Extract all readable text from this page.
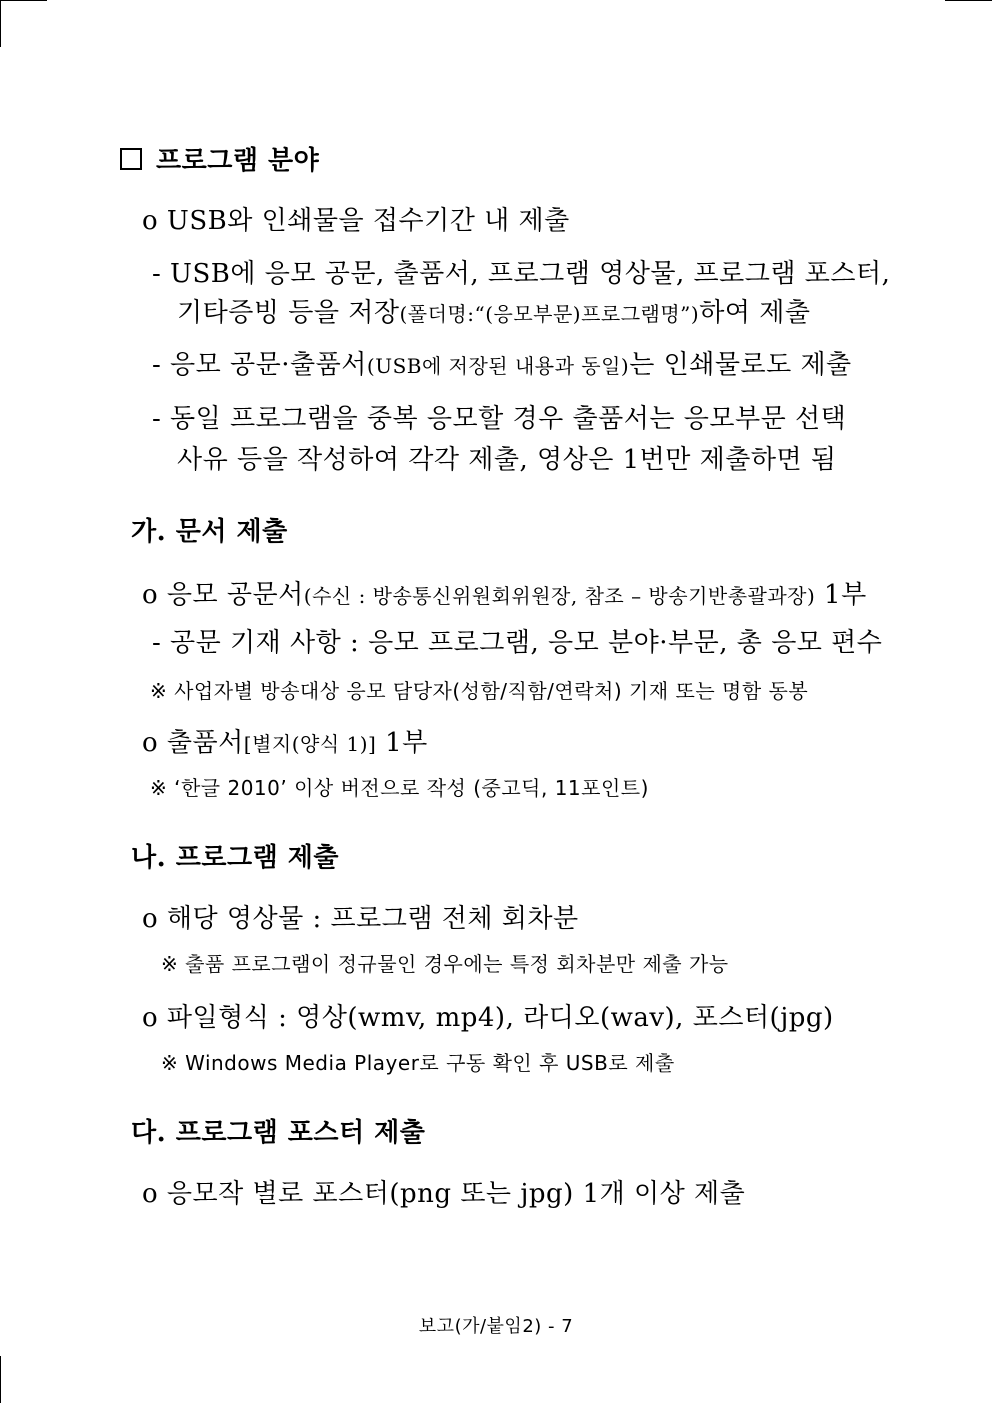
프로그램 분야
o USB와 인쇄물을 접수기간 내 제출
- USB에 응모 공문, 출품서, 프로그램 영상물, 프로그램 포스터,
기타증빙 등을 저장(폴더명:“(응모부문)프로그램명”)하여 제출
- 응모 공문·출품서(USB에 저장된 내용과 동일)는 인쇄물로도 제출
- 동일 프로그램을 중복 응모할 경우 출품서는 응모부문 선택
사유 등을 작성하여 각각 제출, 영상은 1번만 제출하면 됨
가. 문서 제출
o 응모 공문서(수신 : 방송통신위원회위원장, 참조 – 방송기반총괄과장) 1부
- 공문 기재 사항 : 응모 프로그램, 응모 분야·부문, 총 응모 편수
※ 사업자별 방송대상 응모 담당자(성함/직함/연락처) 기재 또는 명함 동봉
o 출품서[별지(양식 1)] 1부
※ ‘한글 2010’ 이상 버전으로 작성 (중고딕, 11포인트)
나. 프로그램 제출
o 해당 영상물 : 프로그램 전체 회차분
※ 출품 프로그램이 정규물인 경우에는 특정 회차분만 제출 가능
o 파일형식 : 영상(wmv, mp4), 라디오(wav), 포스터(jpg)
※ Windows Media Player로 구동 확인 후 USB로 제출
다. 프로그램 포스터 제출
o 응모작 별로 포스터(png 또는 jpg) 1개 이상 제출
보고(가/붙임2) - 7
